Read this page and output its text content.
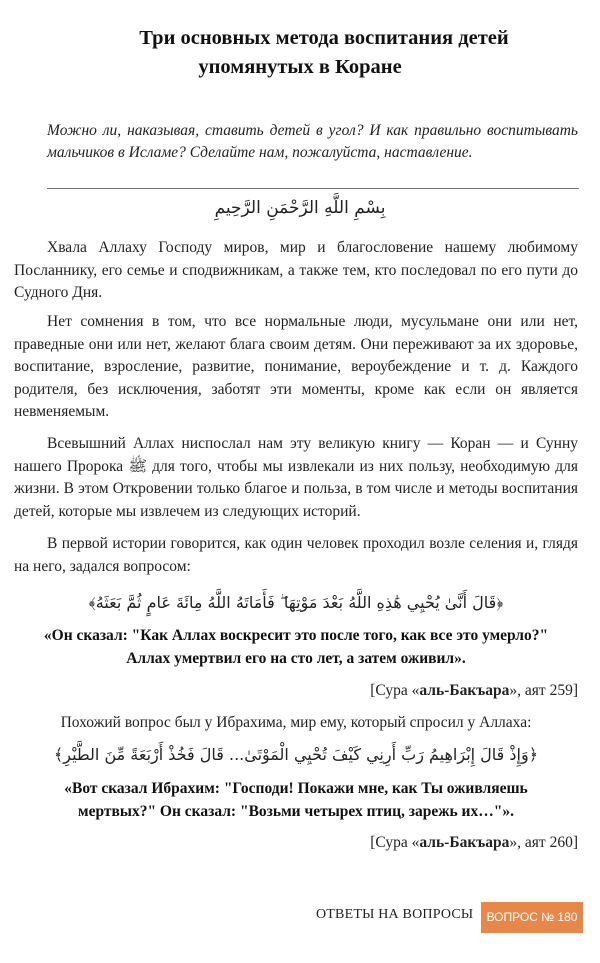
Три основных метода воспитания детей
упомянутых в Коране
Можно ли, наказывая, ставить детей в угол? И как правильно воспитывать мальчиков в Исламе? Сделайте нам, пожалуйста, наставление.
بِسْمِ اللَّهِ الرَّحْمَنِ الرَّحِيمِ
Хвала Аллаху Господу миров, мир и благословение нашему любимому Посланнику, его семье и сподвижникам, а также тем, кто последовал по его пути до Судного Дня.
Нет сомнения в том, что все нормальные люди, мусульмане они или нет, праведные они или нет, желают блага своим детям. Они переживают за их здоровье, воспитание, взросление, развитие, понимание, вероубеждение и т. д. Каждого родителя, без исключения, заботят эти моменты, кроме как если он является невменяемым.
Всевышний Аллах ниспослал нам эту великую книгу — Коран — и Сунну нашего Пророка ﷺ для того, чтобы мы извлекали из них пользу, необходимую для жизни. В этом Откровении только благое и польза, в том числе и методы воспитания детей, которые мы извлечем из следующих историй.
В первой истории говорится, как один человек проходил возле селения и, глядя на него, задался вопросом:
﴿قَالَ أَنَّىٰ يُحْيِي هَٰذِهِ اللَّهُ بَعْدَ مَوْتِهَا ۖ فَأَمَاتَهُ اللَّهُ مِائَةَ عَامٍ ثُمَّ بَعَثَهُ﴾
«Он сказал: "Как Аллах воскресит это после того, как все это умерло?"
Аллах умертвил его на сто лет, а затем оживил».
[Сура «аль-Бакъара», аят 259]
Похожий вопрос был у Ибрахима, мир ему, который спросил у Аллаха:
﴿وَإِذْ قَالَ إِبْرَاهِيمُ رَبِّ أَرِنِي كَيْفَ تُحْيِي الْمَوْتَىٰ... قَالَ فَخُذْ أَرْبَعَةً مِّنَ الطَّيْرِ﴾
«Вот сказал Ибрахим: "Господи! Покажи мне, как Ты оживляешь
мертвых?" Он сказал: "Возьми четырех птиц, зарежь их…"».
[Сура «аль-Бакъара», аят 260]
ОТВЕТЫ НА ВОПРОСЫ	ВОПРОС № 180
